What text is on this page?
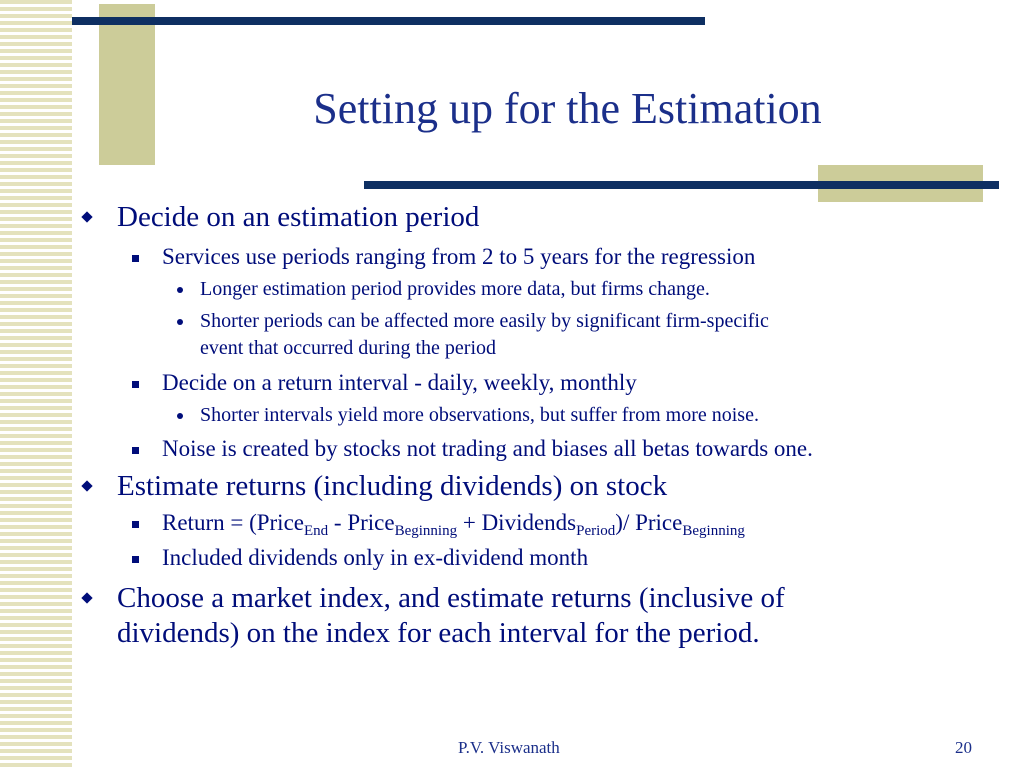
Setting up for the Estimation

Decide on an estimation period

Services use periods ranging from 2 to 5 years for the regression

Longer estimation period provides more data, but firms change.

Shorter periods can be affected more easily by significant firm-specific
event that occurred during the period

Decide on a return interval - daily, weekly, monthly

Shorter intervals yield more observations, but suffer from more noise.

Noise is created by stocks not trading and biases all betas towards one.

Estimate returns (including dividends) on stock

Return = (Price$_{End}$ - Price$_{Beginning}$ + Dividends$_{Period}$)/ Price$_{Beginning}$

Included dividends only in ex-dividend month

Choose a market index, and estimate returns (inclusive of
dividends) on the index for each interval for the period.

P.V. Viswanath	20
